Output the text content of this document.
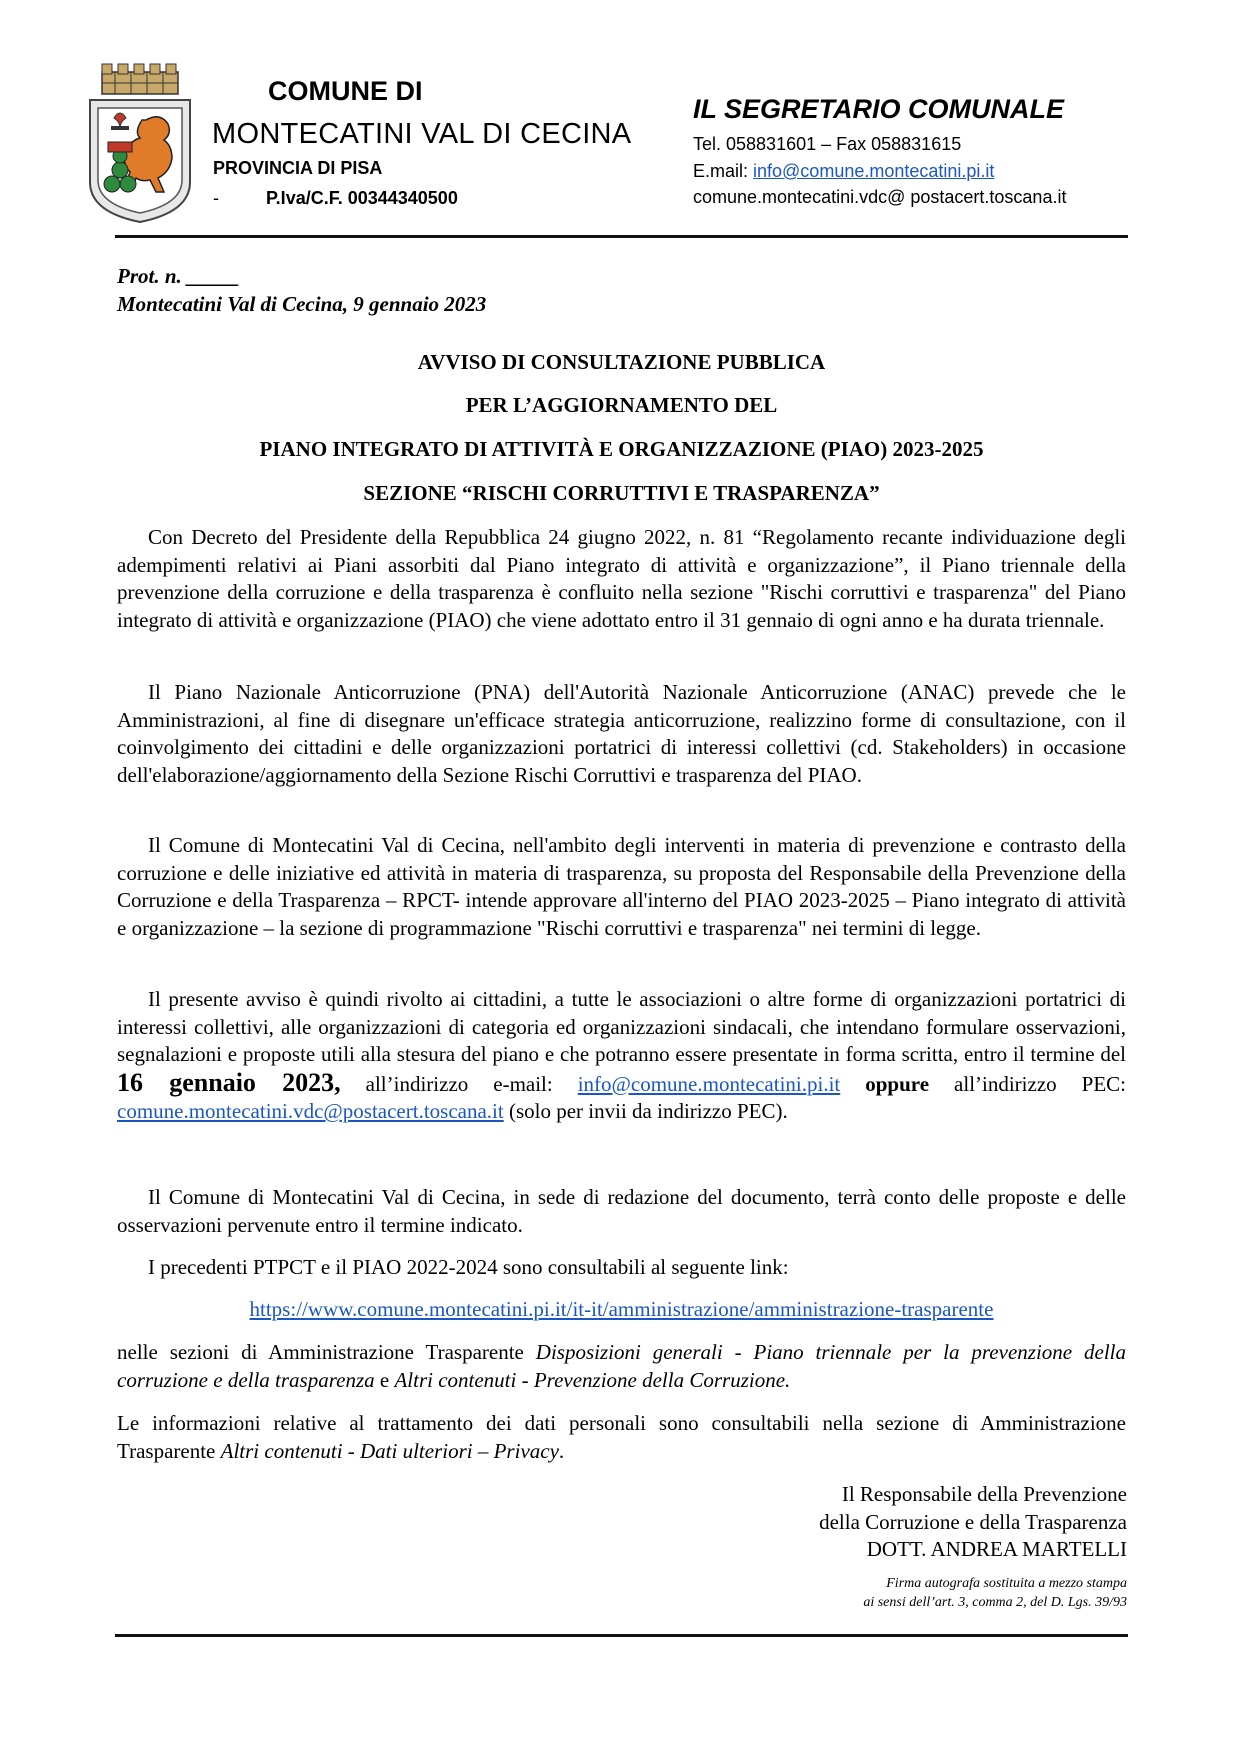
COMUNE DI
MONTECATINI VAL DI CECINA
PROVINCIA DI PISA
-	P.Iva/C.F. 00344340500
IL SEGRETARIO COMUNALE
Tel. 058831601 – Fax 058831615
E.mail: info@comune.montecatini.pi.it
comune.montecatini.vdc@ postacert.toscana.it
Prot. n. _____
Montecatini Val di Cecina, 9 gennaio 2023
AVVISO DI CONSULTAZIONE PUBBLICA
PER L’AGGIORNAMENTO DEL
PIANO INTEGRATO DI ATTIVITÀ E ORGANIZZAZIONE (PIAO) 2023-2025
SEZIONE “RISCHI CORRUTTIVI E TRASPARENZA”

Con Decreto del Presidente della Repubblica 24 giugno 2022, n. 81 “Regolamento recante individuazione degli adempimenti relativi ai Piani assorbiti dal Piano integrato di attività e organizzazione”, il Piano triennale della prevenzione della corruzione e della trasparenza è confluito nella sezione "Rischi corruttivi e trasparenza" del Piano integrato di attività e organizzazione (PIAO) che viene adottato entro il 31 gennaio di ogni anno e ha durata triennale.

Il Piano Nazionale Anticorruzione (PNA) dell'Autorità Nazionale Anticorruzione (ANAC) prevede che le Amministrazioni, al fine di disegnare un'efficace strategia anticorruzione, realizzino forme di consultazione, con il coinvolgimento dei cittadini e delle organizzazioni portatrici di interessi collettivi (cd. Stakeholders) in occasione dell'elaborazione/aggiornamento della Sezione Rischi Corruttivi e trasparenza del PIAO.

Il Comune di Montecatini Val di Cecina, nell'ambito degli interventi in materia di prevenzione e contrasto della corruzione e delle iniziative ed attività in materia di trasparenza, su proposta del Responsabile della Prevenzione della Corruzione e della Trasparenza – RPCT- intende approvare all'interno del PIAO 2023-2025 – Piano integrato di attività e organizzazione – la sezione di programmazione "Rischi corruttivi e trasparenza" nei termini di legge.

Il presente avviso è quindi rivolto ai cittadini, a tutte le associazioni o altre forme di organizzazioni portatrici di interessi collettivi, alle organizzazioni di categoria ed organizzazioni sindacali, che intendano formulare osservazioni, segnalazioni e proposte utili alla stesura del piano e che potranno essere presentate in forma scritta, entro il termine del 16 gennaio 2023, all’indirizzo e-mail: info@comune.montecatini.pi.it oppure all’indirizzo PEC: comune.montecatini.vdc@postacert.toscana.it (solo per invii da indirizzo PEC).

Il Comune di Montecatini Val di Cecina, in sede di redazione del documento, terrà conto delle proposte e delle osservazioni pervenute entro il termine indicato.

I precedenti PTPCT e il PIAO 2022-2024 sono consultabili al seguente link:

https://www.comune.montecatini.pi.it/it-it/amministrazione/amministrazione-trasparente

nelle sezioni di Amministrazione Trasparente Disposizioni generali - Piano triennale per la prevenzione della corruzione e della trasparenza e Altri contenuti - Prevenzione della Corruzione.

Le informazioni relative al trattamento dei dati personali sono consultabili nella sezione di Amministrazione Trasparente Altri contenuti - Dati ulteriori – Privacy.

Il Responsabile della Prevenzione
della Corruzione e della Trasparenza
DOTT. ANDREA MARTELLI
Firma autografa sostituita a mezzo stampa
ai sensi dell’art. 3, comma 2, del D. Lgs. 39/93
